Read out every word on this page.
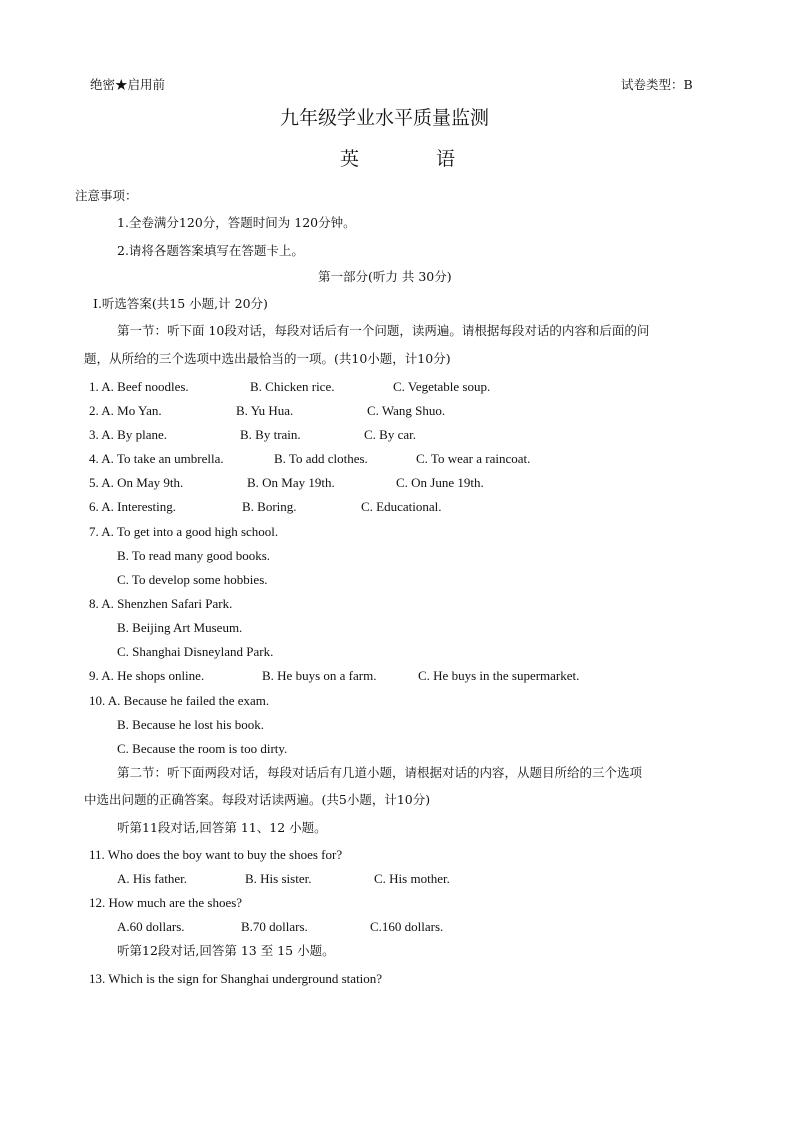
绝密★启用前	试卷类型：B
九年级学业水平质量监测
英	语
注意事项：
1.全卷满分120分，答题时间为 120分钟。
2.请将各题答案填写在答题卡上。
第一部分(听力 共 30分)
Ⅰ.听选答案(共15 小题,计 20分)
第一节：听下面 10段对话，每段对话后有一个问题，读两遍。请根据每段对话的内容和后面的问
题，从所给的三个选项中选出最恰当的一项。(共10小题，计10分)
1. A. Beef noodles.	B. Chicken rice.	C. Vegetable soup.
2. A. Mo Yan.	B. Yu Hua.	C. Wang Shuo.
3. A. By plane.	B. By train.	C. By car.
4. A. To take an umbrella.	B. To add clothes.	C. To wear a raincoat.
5. A. On May 9th.	B. On May 19th.	C. On June 19th.
6. A. Interesting.	B. Boring.	C. Educational.
7. A. To get into a good high school.
B. To read many good books.
C. To develop some hobbies.
8. A. Shenzhen Safari Park.
B. Beijing Art Museum.
C. Shanghai Disneyland Park.
9. A. He shops online.	B. He buys on a farm.	C. He buys in the supermarket.
10. A. Because he failed the exam.
B. Because he lost his book.
C. Because the room is too dirty.
第二节：听下面两段对话，每段对话后有几道小题，请根据对话的内容，从题目所给的三个选项
中选出问题的正确答案。每段对话读两遍。(共5小题，计10分)
听第11段对话,回答第 11、12 小题。
11. Who does the boy want to buy the shoes for?
A. His father.	B. His sister.	C. His mother.
12. How much are the shoes?
A.60 dollars.	B.70 dollars.	C.160 dollars.
听第12段对话,回答第 13 至 15 小题。
13. Which is the sign for Shanghai underground station?
